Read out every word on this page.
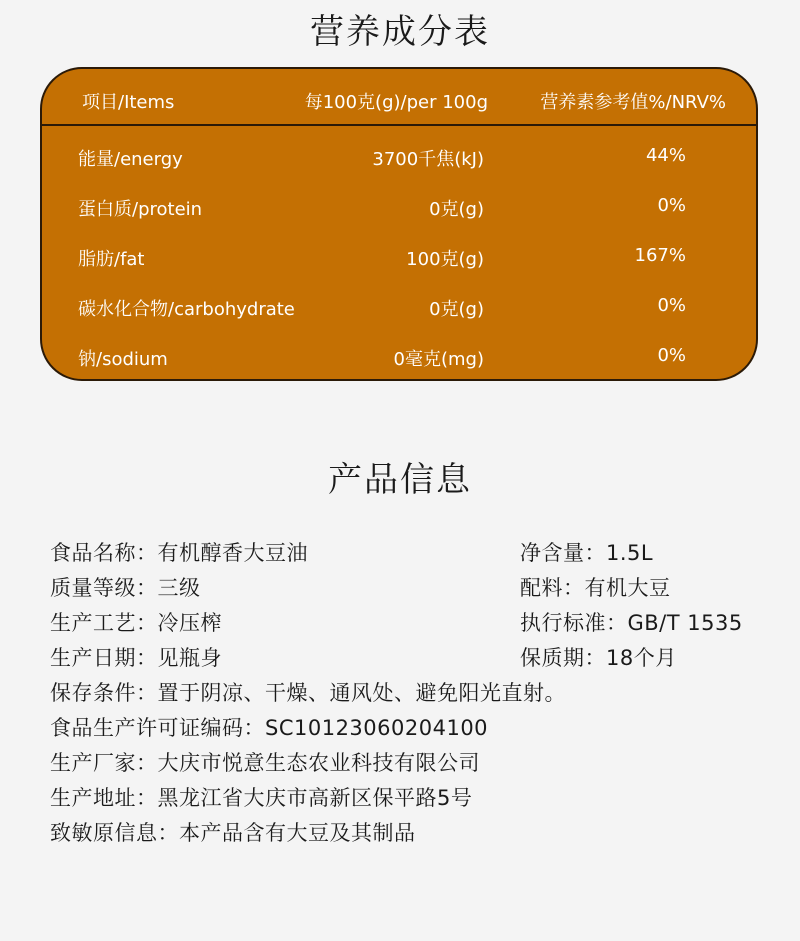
营养成分表
项目/Items	每100克(g)/per 100g	营养素参考值%/NRV%
能量/energy	3700千焦(kJ)	44%
蛋白质/protein	0克(g)	0%
脂肪/fat	100克(g)	167%
碳水化合物/carbohydrate	0克(g)	0%
钠/sodium	0毫克(mg)	0%
产品信息
食品名称：有机醇香大豆油
质量等级：三级
生产工艺：冷压榨
生产日期：见瓶身
保存条件：置于阴凉、干燥、通风处、避免阳光直射。
食品生产许可证编码：SC10123060204100
生产厂家：大庆市悦意生态农业科技有限公司
生产地址：黑龙江省大庆市高新区保平路5号
致敏原信息：本产品含有大豆及其制品
净含量：1.5L
配料：有机大豆
执行标准：GB/T 1535
保质期：18个月
